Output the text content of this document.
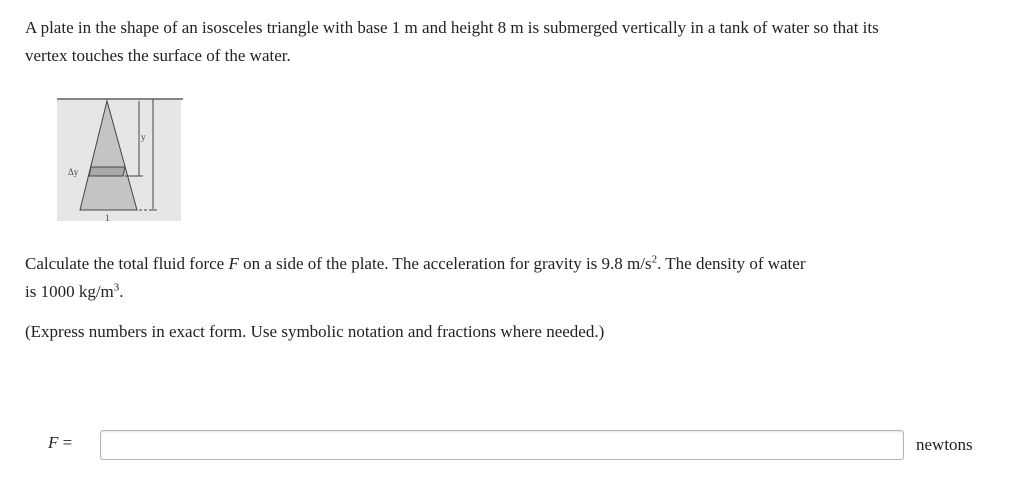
A plate in the shape of an isosceles triangle with base 1 m and height 8 m is submerged vertically in a tank of water so that its
vertex touches the surface of the water.

y
Δy
1

Calculate the total fluid force F on a side of the plate. The acceleration for gravity is 9.8 $m/s^2$. The density of water
is 1000 $kg/m^3$.

(Express numbers in exact form. Use symbolic notation and fractions where needed.)

F =	newtons
